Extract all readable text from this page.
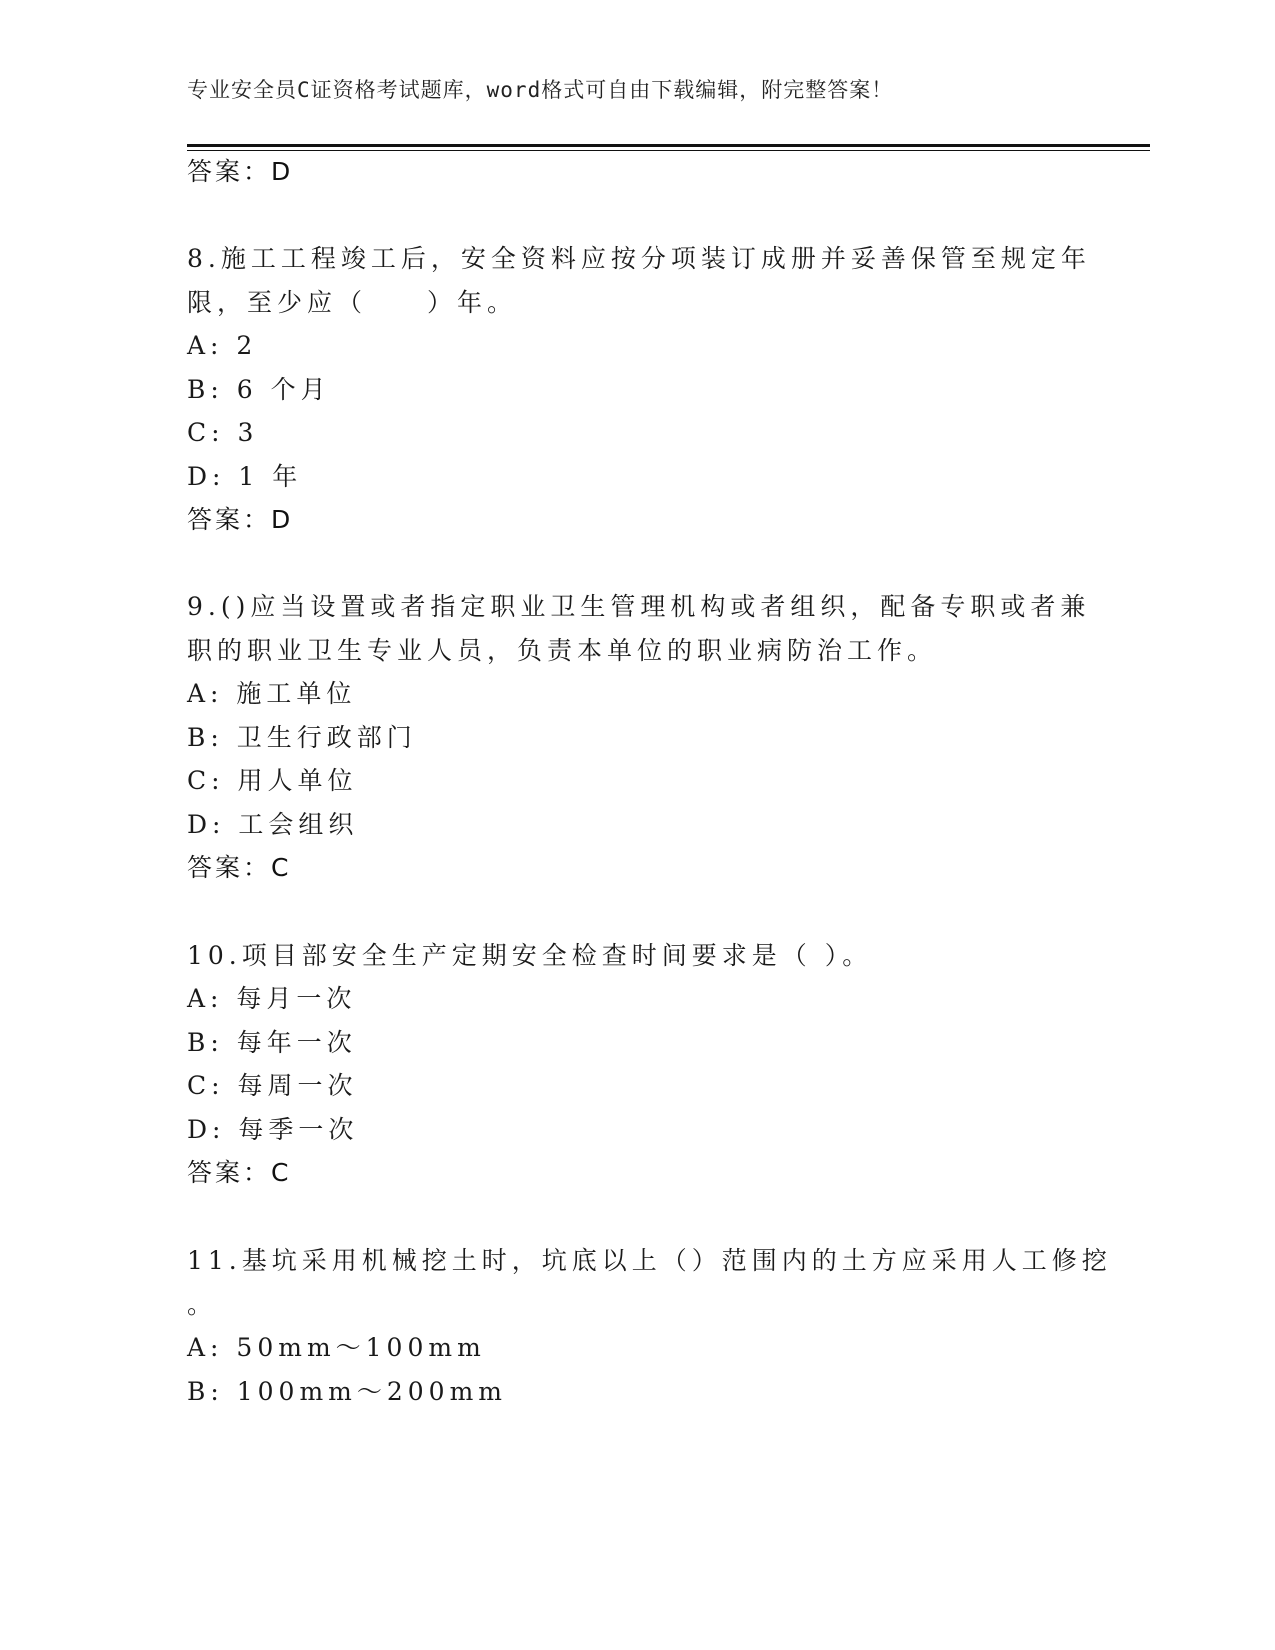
专业安全员C证资格考试题库，word格式可自由下载编辑，附完整答案！
答案：D
8.施工工程竣工后，安全资料应按分项装订成册并妥善保管至规定年
限，至少应（　　）年。
A: 2
B: 6 个月
C: 3
D: 1 年
答案：D
9.()应当设置或者指定职业卫生管理机构或者组织，配备专职或者兼
职的职业卫生专业人员，负责本单位的职业病防治工作。
A: 施工单位
B: 卫生行政部门
C: 用人单位
D: 工会组织
答案：C
10.项目部安全生产定期安全检查时间要求是（ ）。
A: 每月一次
B: 每年一次
C: 每周一次
D: 每季一次
答案：C
11.基坑采用机械挖土时，坑底以上（）范围内的土方应采用人工修挖
。
A: 50mm～100mm
B: 100mm～200mm
